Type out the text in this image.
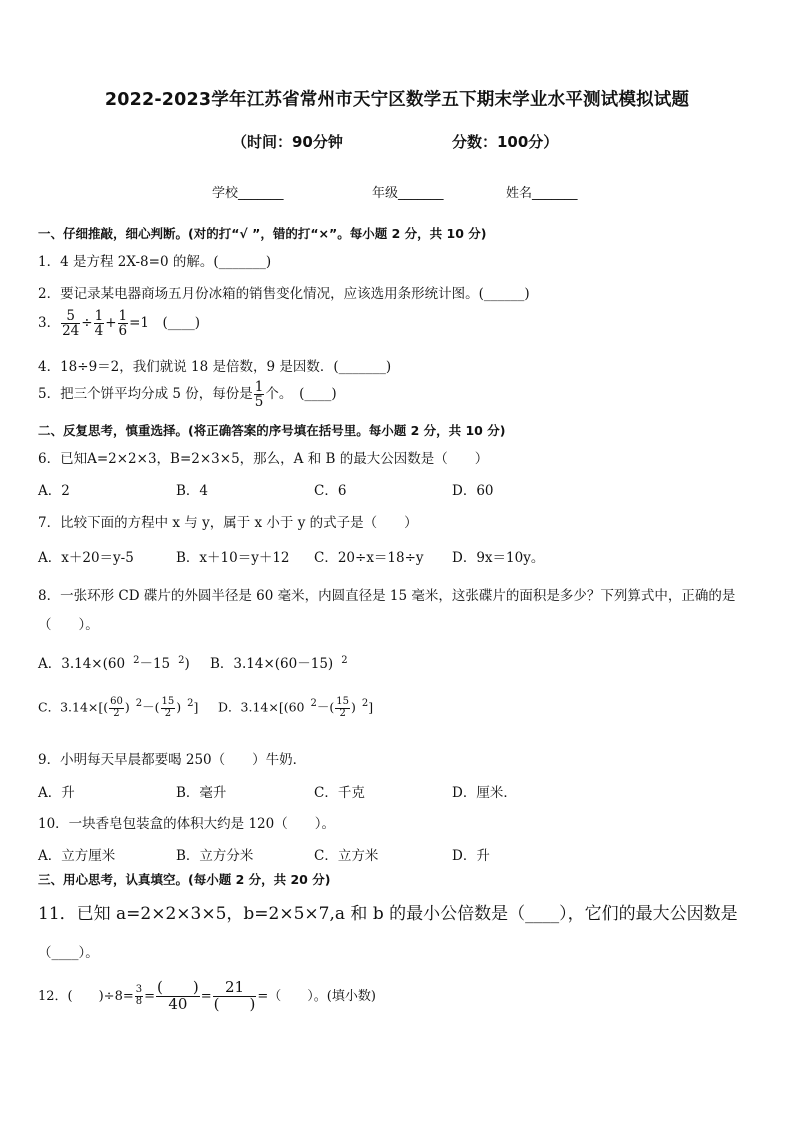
2022-2023学年江苏省常州市天宁区数学五下期末学业水平测试模拟试题
（时间：90分钟	分数：100分）
学校_______	年级_______	姓名_______
一、仔细推敲，细心判断。(对的打“√ ”，错的打“×”。每小题 2 分，共 10 分)
1．4 是方程 2X-8=0 的解。(_______)
2．要记录某电器商场五月份冰箱的销售变化情况，应该选用条形统计图。(______)
3． $\frac{5}{24} \div \frac{1}{4} + \frac{1}{6} =1$　(____)
4．18÷9＝2，我们就说 18 是倍数，9 是因数．(_______)
5．把三个饼平均分成 5 份，每份是 $\frac{1}{5}$ 个。　(____)
二、反复思考，慎重选择。(将正确答案的序号填在括号里。每小题 2 分，共 10 分)
6．已知A=2×2×3，B=2×3×5，那么，A 和 B 的最大公因数是（　　）
A．2	B．4	C．6	D．60
7．比较下面的方程中 x 与 y，属于 x 小于 y 的式子是（　　）
A．x＋20＝y-5	B．x＋10＝y＋12 C．20÷x＝18÷y D．9x＝10y。
8．一张环形 CD 碟片的外圆半径是 60 毫米，内圆直径是 15 毫米，这张碟片的面积是多少？下列算式中，正确的是
（　　）。
A．3.14×(60 $^2$－15 $^2$) B．3.14×(60－15) $^2$
C．$3.14\times[( \frac{60}{2}$ ) $^2-( \frac{15}{2}$ ) $^2$] D．3.14×[(60 $^2-( \frac{15}{2}$ ) $^2$]
9．小明每天早晨都要喝 250（　　）牛奶．
A．升	B．毫升	C．千克	D．厘米．
10．一块香皂包装盒的体积大约是 120（　　）。
A．立方厘米	B．立方分米	C．立方米	D．升
三、用心思考，认真填空。(每小题 2 分，共 20 分)
11．已知 a=2×2×3×5，b=2×5×7,a 和 b 的最小公倍数是（____），它们的最大公因数是
（____）。
12．(　　)$\div 8= \frac{3}{8} = \frac{( )}{40} = \frac{21}{( )}$ =（　　）。(填小数)
